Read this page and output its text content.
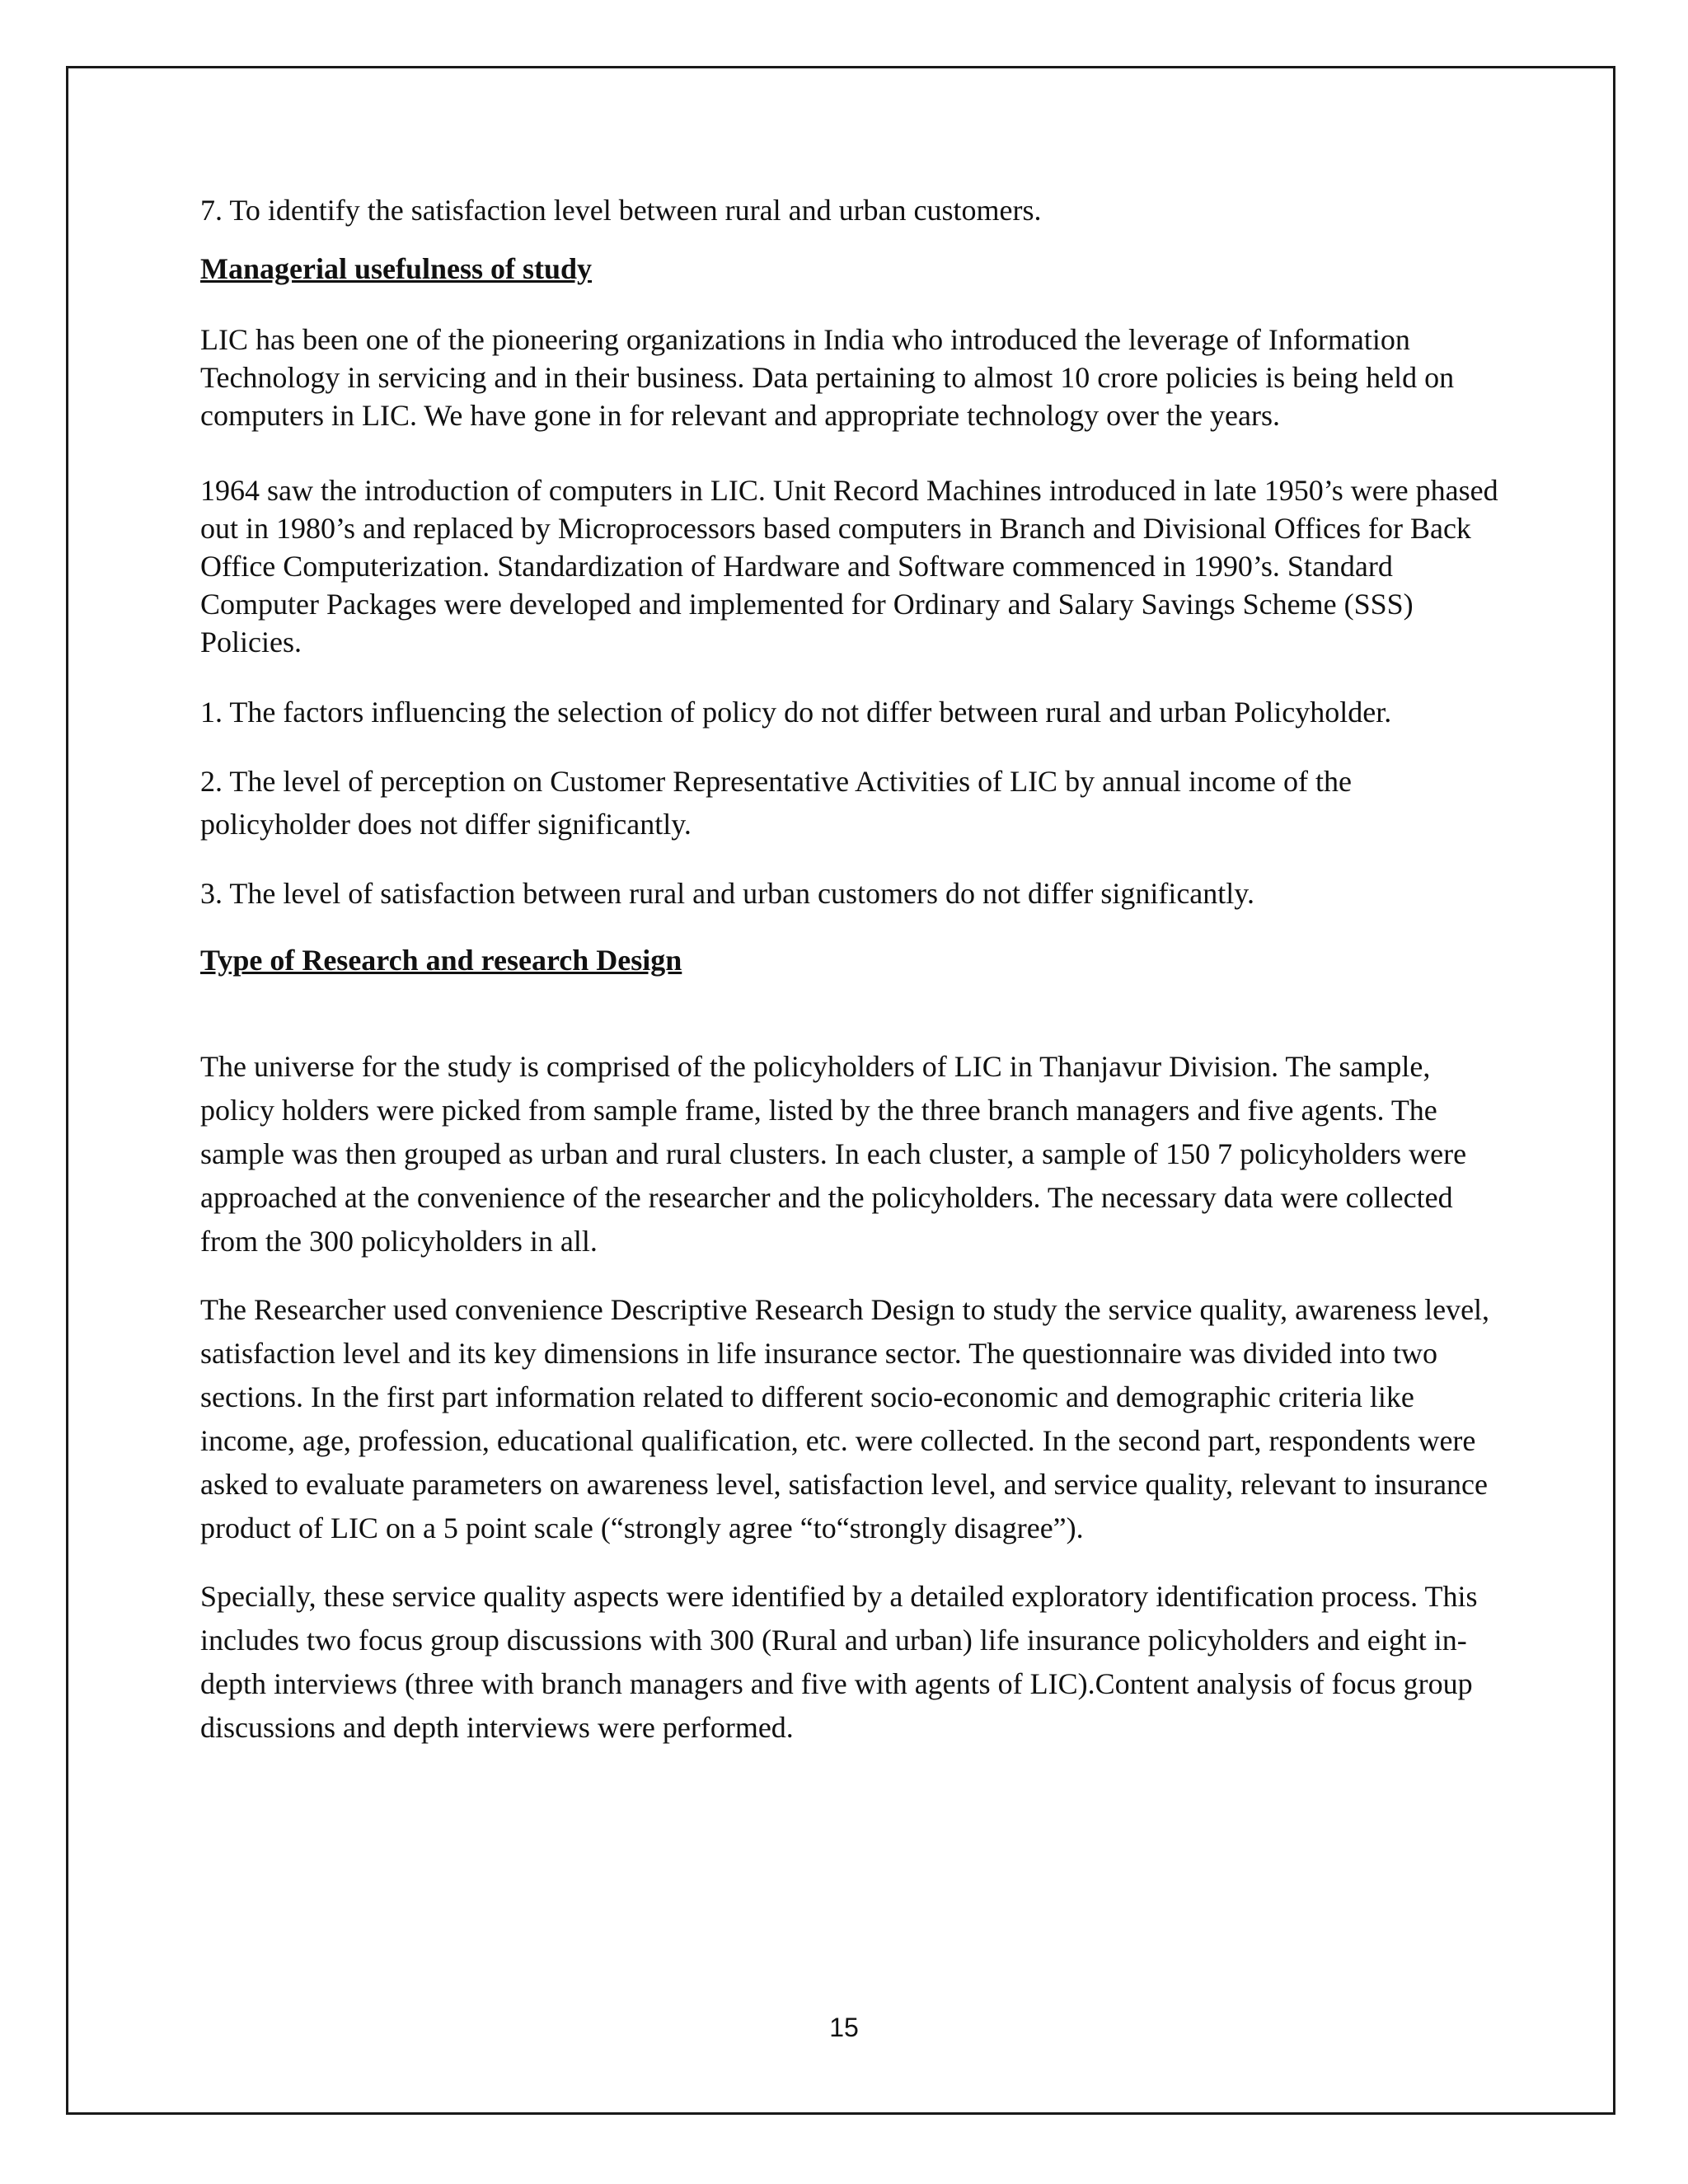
7. To identify the satisfaction level between rural and urban customers.

Managerial usefulness of study

LIC has been one of the pioneering organizations in India who introduced the leverage of Information Technology in servicing and in their business. Data pertaining to almost 10 crore policies is being held on computers in LIC. We have gone in for relevant and appropriate technology over the years.

1964 saw the introduction of computers in LIC. Unit Record Machines introduced in late 1950’s were phased out in 1980’s and replaced by Microprocessors based computers in Branch and Divisional Offices for Back Office Computerization. Standardization of Hardware and Software commenced in 1990’s. Standard Computer Packages were developed and implemented for Ordinary and Salary Savings Scheme (SSS) Policies.

1. The factors influencing the selection of policy do not differ between rural and urban Policyholder.

2. The level of perception on Customer Representative Activities of LIC by annual income of the policyholder does not differ significantly.

3. The level of satisfaction between rural and urban customers do not differ significantly.

Type of Research and research Design

The universe for the study is comprised of the policyholders of LIC in Thanjavur Division. The sample, policy holders were picked from sample frame, listed by the three branch managers and five agents. The sample was then grouped as urban and rural clusters. In each cluster, a sample of 150 7 policyholders were approached at the convenience of the researcher and the policyholders. The necessary data were collected from the 300 policyholders in all.

The Researcher used convenience Descriptive Research Design to study the service quality, awareness level, satisfaction level and its key dimensions in life insurance sector. The questionnaire was divided into two sections. In the first part information related to different socio-economic and demographic criteria like income, age, profession, educational qualification, etc. were collected. In the second part, respondents were asked to evaluate parameters on awareness level, satisfaction level, and service quality, relevant to insurance product of LIC on a 5 point scale (“strongly agree “to“strongly disagree”).

Specially, these service quality aspects were identified by a detailed exploratory identification process. This includes two focus group discussions with 300 (Rural and urban) life insurance policyholders and eight in-depth interviews (three with branch managers and five with agents of LIC).Content analysis of focus group discussions and depth interviews were performed.

15
